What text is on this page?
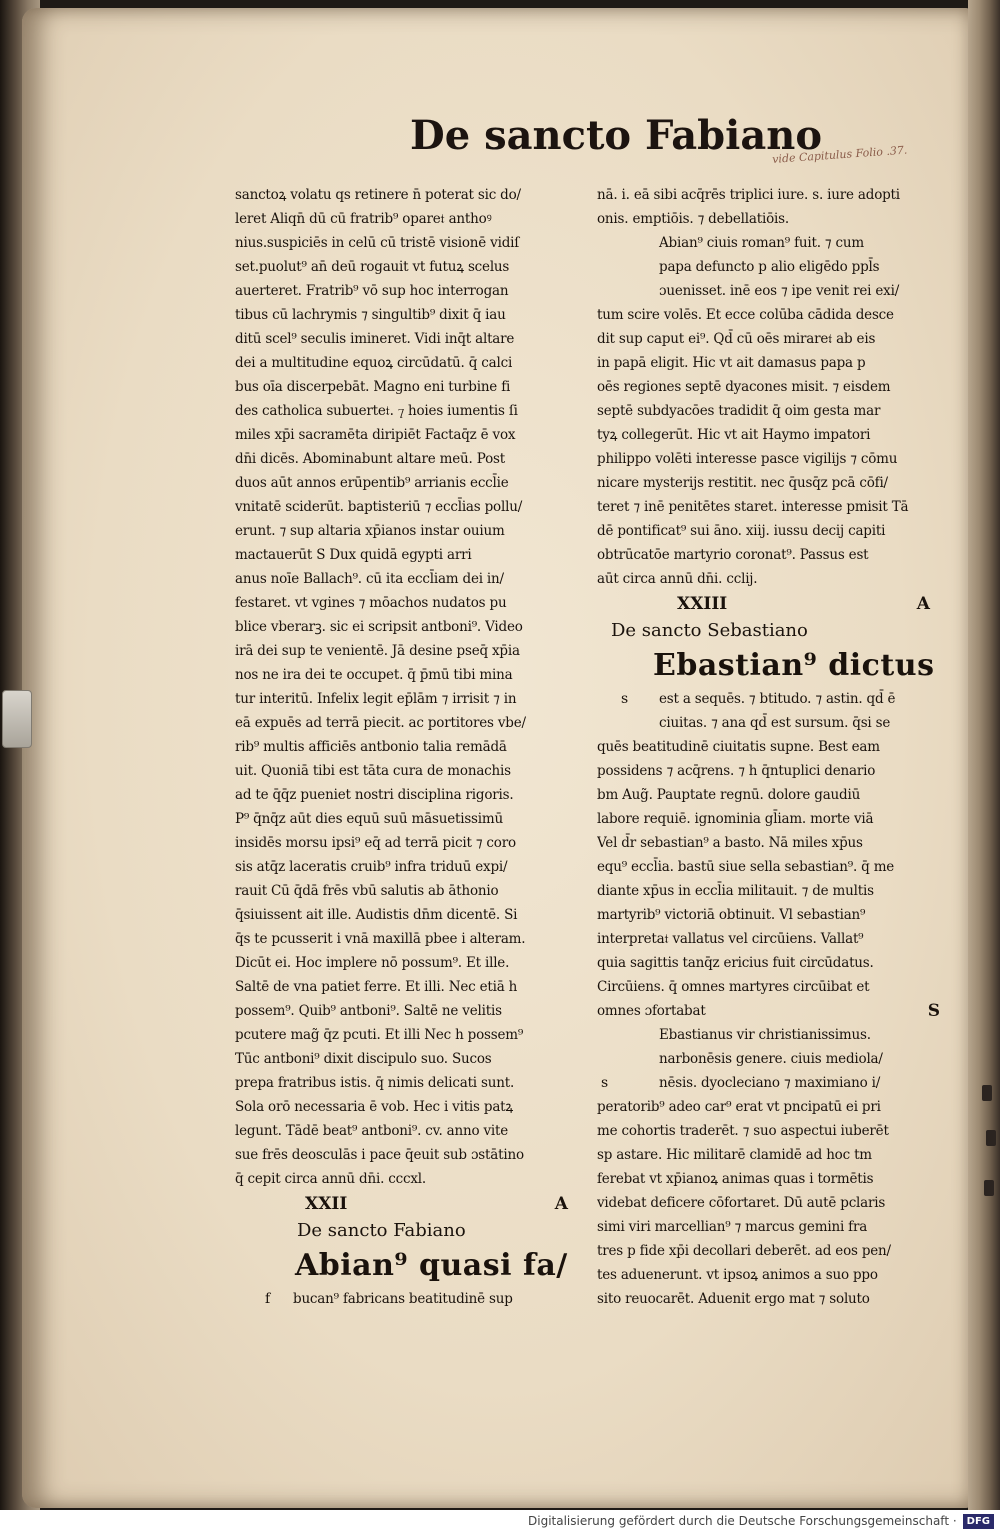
De sancto Fabiano
vide Capitulus Folio .37.
sanctoꝝ volatu qs retinere n̄ poterat sic do/
leret Aliqn̄ dū cū fratrib⁹ opare𝔱 anthoꝰ
nius.suspiciēs in celū cū tristē visionē vidiſ
set.puolut⁹ an̄ deū rogauit vt futuꝝ scelus
auerteret. Fratrib⁹ vō sup hoc interrogan
tibus cū lachrymis ⁊ singultib⁹ dixit q̄ iau
ditū scel⁹ seculis imineret. Vidi inq̄t altare
dei a multitudine equoꝝ circūdatū. q̄ calci
bus oīa discerpebāt. Magno eni turbine fi
des catholica subuerte𝔱. ⁊ hoies iumentis ſi
miles xp̄i sacramēta diripiēt Factaq̄z ē vox
dn̄i dicēs. Abominabunt altare meū. Post
duos aūt annos erūpentib⁹ arrianis eccl̄ie
vnitatē sciderūt. baptisteriū ⁊ eccl̄ias pollu/
erunt. ⁊ sup altaria xp̄ianos instar ouium
mactauerūt S Dux quidā egypti arri
anus noīe Ballach⁹. cū ita eccl̄iam dei in/
festaret. vt vgines ⁊ mōachos nudatos pu
blice vberarꝫ. sic ei scripsit antboni⁹. Video
irā dei sup te venientē. Jā desine pseq̄ xp̄ia
nos ne ira dei te occupet. q̄ p̄mū tibi mina
tur interitū. Infelix legit ep̄lām ⁊ irrisit ⁊ in
eā expuēs ad terrā piecit. ac portitores vbe/
rib⁹ multis afficiēs antbonio talia remādā
uit. Quoniā tibi est tāta cura de monachis
ad te q̄q̄z pueniet nostri disciplina rigoris.
P⁹ q̄nq̄z aūt dies equū suū māsuetissimū
insidēs morsu ipsi⁹ eq̄ ad terrā picit ⁊ coro
sis atq̄z laceratis cruib⁹ infra triduū expi/
rauit Cū q̄dā frēs vbū salutis ab āthonio
q̄siuissent ait ille. Audistis dn̄m dicentē. Si
q̄s te pcusserit i vnā maxillā pbee i alteram.
Dicūt ei. Hoc implere nō possum⁹. Et ille.
Saltē de vna patiet ferre. Et illi. Nec etiā h
possem⁹. Quib⁹ antboni⁹. Saltē ne velitis
pcutere mag̃ q̄z pcuti. Et illi Nec h possem⁹
Tūc antboni⁹ dixit discipulo suo. Sucos
prepa fratribus istis. q̄ nimis delicati sunt.
Sola orō necessaria ē vob. Hec i vitis patꝝ
legunt. Tādē beat⁹ antboni⁹. cv. anno vite
sue frēs deosculās i pace q̄euit sub ɔstātino
q̄ cepit circa annū dn̄i. cccxl.
XXII	A
De sancto Fabiano
Abian⁹ quasi fa/
f	bucan⁹ fabricans beatitudinē sup
nā. i. eā sibi acq̄rēs triplici iure. s. iure adopti
onis. emptiōis. ⁊ debellatiōis.
Abian⁹ ciuis roman⁹ fuit. ⁊ cum
papa defuncto p alio eligēdo ppl̄s
ɔuenisset. inē eos ⁊ ipe venit rei exi/
tum scire volēs. Et ecce colūba cādida desce
dit sup caput ei⁹. Qd̄ cū oēs mirare𝔱 ab eis
in papā eligit. Hic vt ait damasus papa p
oēs regiones septē dyacones misit. ⁊ eisdem
septē subdyacōes tradidit q̄ oim gesta mar
tyꝝ collegerūt. Hic vt ait Haymo impatori
philippo volēti interesse pasce vigilijs ⁊ cōmu
nicare mysterijs restitit. nec q̄usq̄z pcā cōfi/
teret ⁊ inē penitētes staret. interesse pmisit Tā
dē pontificat⁹ sui āno. xiij. iussu decij capiti
obtrūcatōe martyrio coronat⁹. Passus est
aūt circa annū dn̄i. cclij.
XXIII	A
De sancto Sebastiano
Ebastian⁹ dictus
s	est a sequēs. ⁊ btitudo. ⁊ astin. qd̄ ē
ciuitas. ⁊ ana qd̄ est sursum. q̄si se
quēs beatitudinē ciuitatis supne. Best eam
possidens ⁊ acq̄rens. ⁊ h q̄ntuplici denario
bm Aug̃. Pauptate regnū. dolore gaudiū
labore requiē. ignominia gl̄iam. morte viā
Vel d̄r sebastian⁹ a basto. Nā miles xp̄us
equ⁹ eccl̄ia. bastū siue sella sebastian⁹. q̄ me
diante xp̄us in eccl̄ia militauit. ⁊ de multis
martyrib⁹ victoriā obtinuit. Vl sebastian⁹
interpreta𝔱 vallatus vel circūiens. Vallat⁹
quia sagittis tanq̄z ericius fuit circūdatus.
Circūiens. q̄ omnes martyres circūibat et
omnes ɔfortabat	S
s
Ebastianus vir christianissimus.
narbonēsis genere. ciuis mediola/
nēsis. dyocleciano ⁊ maximiano i/
peratorib⁹ adeo car⁹ erat vt pncipatū ei pri
me cohortis traderēt. ⁊ suo aspectui iuberēt
sp astare. Hic militarē clamidē ad hoc tm
ferebat vt xp̄ianoꝝ animas quas i tormētis
videbat deficere cōfortaret. Dū autē pclaris
simi viri marcellian⁹ ⁊ marcus gemini fra
tres p fide xp̄i decollari deberēt. ad eos pen/
tes aduenerunt. vt ipsoꝝ animos a suo ppo
sito reuocarēt. Aduenit ergo mat ⁊ soluto
Digitalisierung gefördert durch die Deutsche Forschungsgemeinschaft ·	DFG
